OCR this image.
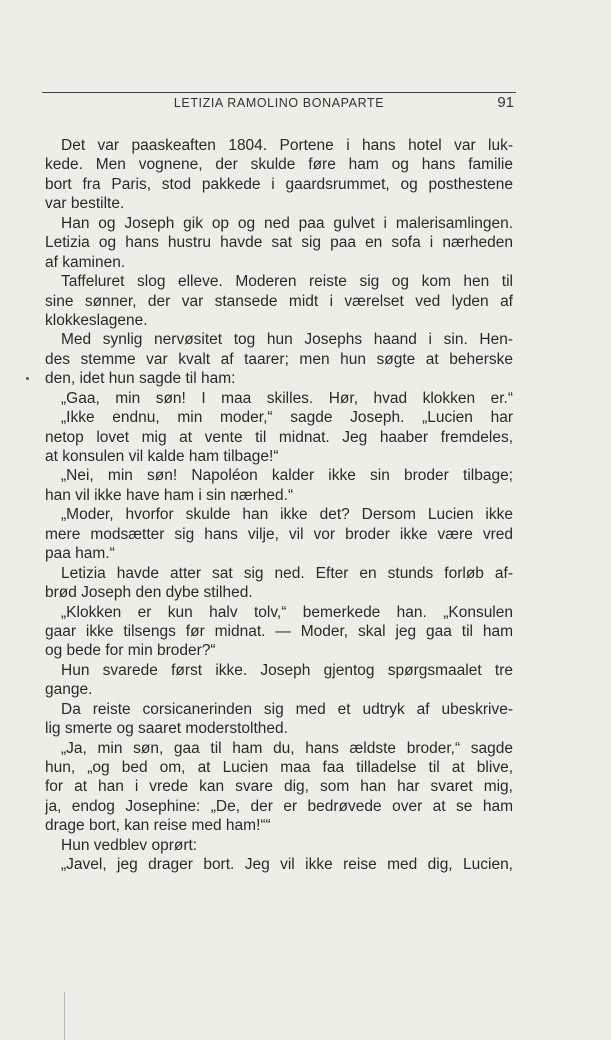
LETIZIA RAMOLINO BONAPARTE	91
Det var paaskeaften 1804. Portene i hans hotel var luk-
kede. Men vognene, der skulde føre ham og hans familie
bort fra Paris, stod pakkede i gaardsrummet, og posthestene
var bestilte.
Han og Joseph gik op og ned paa gulvet i malerisamlingen.
Letizia og hans hustru havde sat sig paa en sofa i nærheden
af kaminen.
Taffeluret slog elleve. Moderen reiste sig og kom hen til
sine sønner, der var stansede midt i værelset ved lyden af
klokkeslagene.
Med synlig nervøsitet tog hun Josephs haand i sin. Hen-
des stemme var kvalt af taarer; men hun søgte at beherske
den, idet hun sagde til ham:
„Gaa, min søn! I maa skilles. Hør, hvad klokken er.“
„Ikke endnu, min moder,“ sagde Joseph. „Lucien har
netop lovet mig at vente til midnat. Jeg haaber fremdeles,
at konsulen vil kalde ham tilbage!“
„Nei, min søn! Napoléon kalder ikke sin broder tilbage;
han vil ikke have ham i sin nærhed.“
„Moder, hvorfor skulde han ikke det? Dersom Lucien ikke
mere modsætter sig hans vilje, vil vor broder ikke være vred
paa ham.“
Letizia havde atter sat sig ned. Efter en stunds forløb af-
brød Joseph den dybe stilhed.
„Klokken er kun halv tolv,“ bemerkede han. „Konsulen
gaar ikke tilsengs før midnat. — Moder, skal jeg gaa til ham
og bede for min broder?“
Hun svarede først ikke. Joseph gjentog spørgsmaalet tre
gange.
Da reiste corsicanerinden sig med et udtryk af ubeskrive-
lig smerte og saaret moderstolthed.
„Ja, min søn, gaa til ham du, hans ældste broder,“ sagde
hun, „og bed om, at Lucien maa faa tilladelse til at blive,
for at han i vrede kan svare dig, som han har svaret mig,
ja, endog Josephine: „De, der er bedrøvede over at se ham
drage bort, kan reise med ham!““
Hun vedblev oprørt:
„Javel, jeg drager bort. Jeg vil ikke reise med dig, Lucien,
